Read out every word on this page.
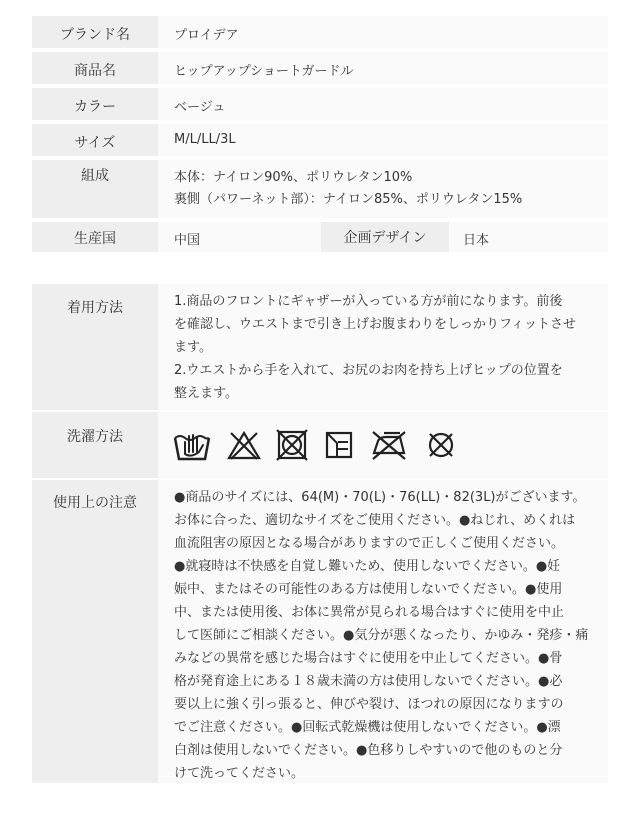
ブランド名	プロイデア
商品名	ヒップアップショートガードル
カラー	ベージュ
サイズ	M/L/LL/3L
組成	本体：ナイロン90%、ポリウレタン10%
裏側（パワーネット部）：ナイロン85%、ポリウレタン15%
生産国	中国	企画デザイン	日本
着用方法	1.商品のフロントにギャザーが入っている方が前になります。前後
を確認し、ウエストまで引き上げお腹まわりをしっかりフィットさせ
ます。
2.ウエストから手を入れて、お尻のお肉を持ち上げヒップの位置を
整えます。
洗濯方法
使用上の注意	●商品のサイズには、64(M)・70(L)・76(LL)・82(3L)がございます。
お体に合った、適切なサイズをご使用ください。●ねじれ、めくれは
血流阻害の原因となる場合がありますので正しくご使用ください。
●就寝時は不快感を自覚し難いため、使用しないでください。●妊
娠中、またはその可能性のある方は使用しないでください。●使用
中、または使用後、お体に異常が見られる場合はすぐに使用を中止
して医師にご相談ください。●気分が悪くなったり、かゆみ・発疹・痛
みなどの異常を感じた場合はすぐに使用を中止してください。●骨
格が発育途上にある１８歳未満の方は使用しないでください。●必
要以上に強く引っ張ると、伸びや裂け、ほつれの原因になりますの
でご注意ください。●回転式乾燥機は使用しないでください。●漂
白剤は使用しないでください。●色移りしやすいので他のものと分
けて洗ってください。
